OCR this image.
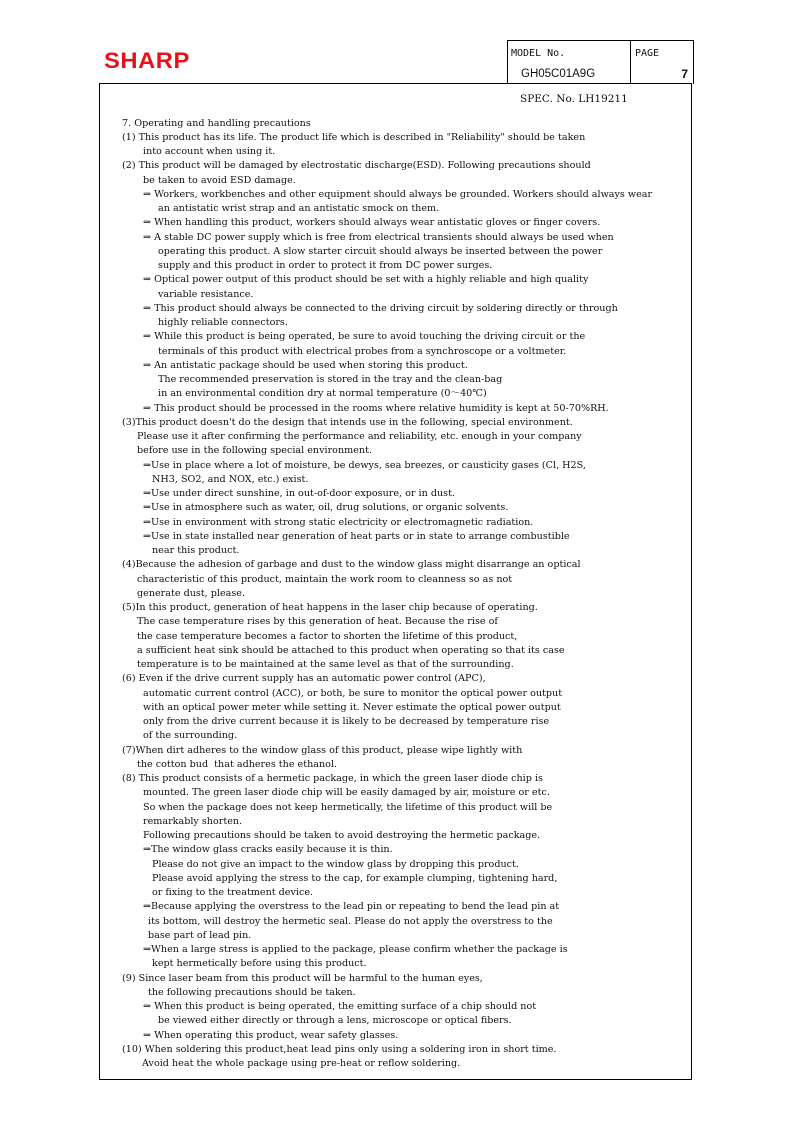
SHARP	MODEL No.	PAGE
GH05C01A9G	7
SPEC. No. LH19211
7. Operating and handling precautions
(1) This product has its life. The product life which is described in "Reliability" should be taken
into account when using it.
(2) This product will be damaged by electrostatic discharge(ESD). Following precautions should
be taken to avoid ESD damage.
⇒ Workers, workbenches and other equipment should always be grounded. Workers should always wear
an antistatic wrist strap and an antistatic smock on them.
⇒ When handling this product, workers should always wear antistatic gloves or finger covers.
⇒ A stable DC power supply which is free from electrical transients should always be used when
operating this product. A slow starter circuit should always be inserted between the power
supply and this product in order to protect it from DC power surges.
⇒ Optical power output of this product should be set with a highly reliable and high quality
variable resistance.
⇒ This product should always be connected to the driving circuit by soldering directly or through
highly reliable connectors.
⇒ While this product is being operated, be sure to avoid touching the driving circuit or the
terminals of this product with electrical probes from a synchroscope or a voltmeter.
⇒ An antistatic package should be used when storing this product.
The recommended preservation is stored in the tray and the clean-bag
in an environmental condition dry at normal temperature (0～40℃)
⇒ This product should be processed in the rooms where relative humidity is kept at 50-70%RH.
(3)This product doesn't do the design that intends use in the following, special environment.
Please use it after confirming the performance and reliability, etc. enough in your company
before use in the following special environment.
⇒Use in place where a lot of moisture, be dewys, sea breezes, or causticity gases (Cl, H2S,
NH3, SO2, and NOX, etc.) exist.
⇒Use under direct sunshine, in out-of-door exposure, or in dust.
⇒Use in atmosphere such as water, oil, drug solutions, or organic solvents.
⇒Use in environment with strong static electricity or electromagnetic radiation.
⇒Use in state installed near generation of heat parts or in state to arrange combustible
near this product.
(4)Because the adhesion of garbage and dust to the window glass might disarrange an optical
characteristic of this product, maintain the work room to cleanness so as not
generate dust, please.
(5)In this product, generation of heat happens in the laser chip because of operating.
The case temperature rises by this generation of heat. Because the rise of
the case temperature becomes a factor to shorten the lifetime of this product,
a sufficient heat sink should be attached to this product when operating so that its case
temperature is to be maintained at the same level as that of the surrounding.
(6) Even if the drive current supply has an automatic power control (APC),
automatic current control (ACC), or both, be sure to monitor the optical power output
with an optical power meter while setting it. Never estimate the optical power output
only from the drive current because it is likely to be decreased by temperature rise
of the surrounding.
(7)When dirt adheres to the window glass of this product, please wipe lightly with
the cotton bud  that adheres the ethanol.
(8) This product consists of a hermetic package, in which the green laser diode chip is
mounted. The green laser diode chip will be easily damaged by air, moisture or etc.
So when the package does not keep hermetically, the lifetime of this product will be
remarkably shorten.
Following precautions should be taken to avoid destroying the hermetic package.
⇒The window glass cracks easily because it is thin.
Please do not give an impact to the window glass by dropping this product.
Please avoid applying the stress to the cap, for example clumping, tightening hard,
or fixing to the treatment device.
⇒Because applying the overstress to the lead pin or repeating to bend the lead pin at
its bottom, will destroy the hermetic seal. Please do not apply the overstress to the
base part of lead pin.
⇒When a large stress is applied to the package, please confirm whether the package is
kept hermetically before using this product.
(9) Since laser beam from this product will be harmful to the human eyes,
the following precautions should be taken.
⇒ When this product is being operated, the emitting surface of a chip should not
be viewed either directly or through a lens, microscope or optical fibers.
⇒ When operating this product, wear safety glasses.
(10) When soldering this product,heat lead pins only using a soldering iron in short time.
Avoid heat the whole package using pre-heat or reflow soldering.
